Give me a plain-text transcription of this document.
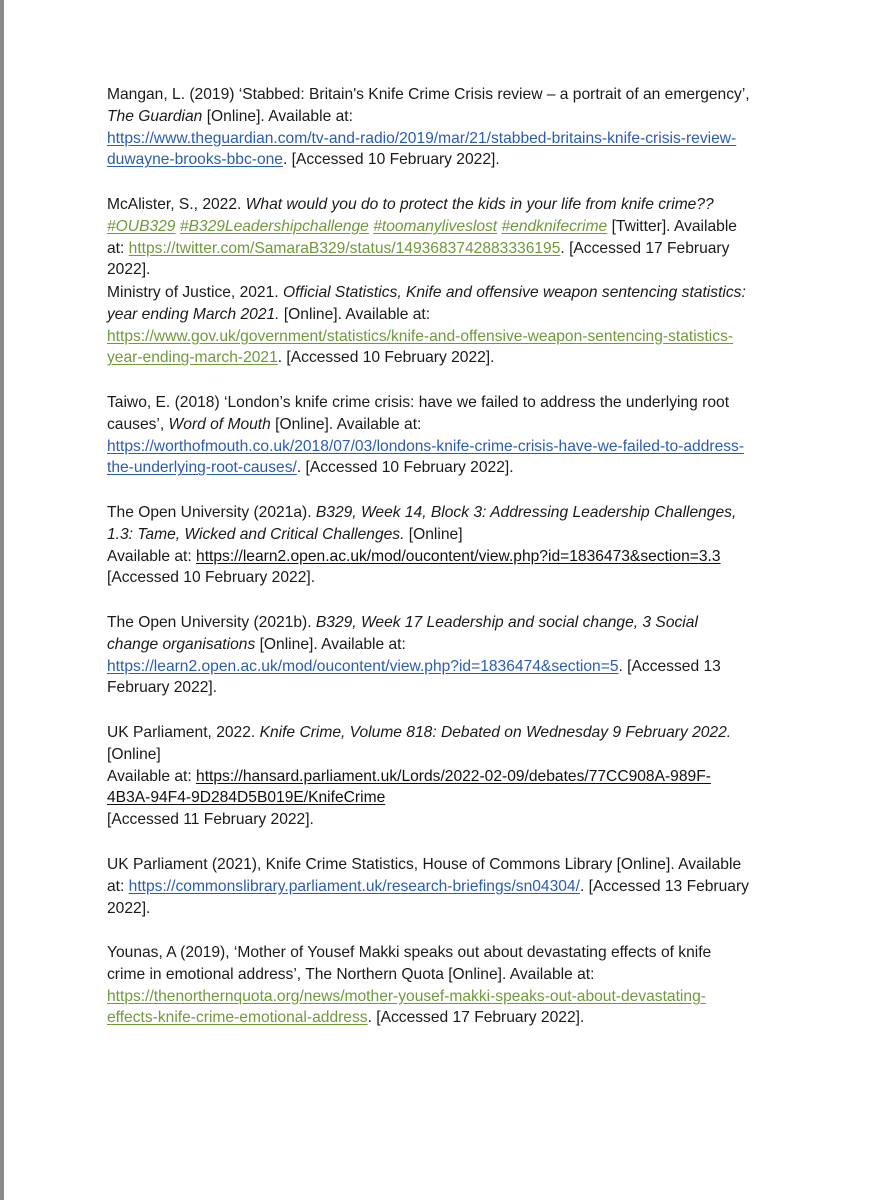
Mangan, L. (2019) ‘Stabbed: Britain's Knife Crime Crisis review – a portrait of an emergency’,
The Guardian [Online]. Available at:
https://www.theguardian.com/tv-and-radio/2019/mar/21/stabbed-britains-knife-crisis-review-
duwayne-brooks-bbc-one. [Accessed 10 February 2022].
McAlister, S., 2022. What would you do to protect the kids in your life from knife crime??
#OUB329 #B329Leadershipchallenge #toomanyliveslost #endknifecrime [Twitter]. Available
at: https://twitter.com/SamaraB329/status/1493683742883336195. [Accessed 17 February
2022].
Ministry of Justice, 2021. Official Statistics, Knife and offensive weapon sentencing statistics:
year ending March 2021. [Online]. Available at:
https://www.gov.uk/government/statistics/knife-and-offensive-weapon-sentencing-statistics-
year-ending-march-2021. [Accessed 10 February 2022].
Taiwo, E. (2018) ‘London’s knife crime crisis: have we failed to address the underlying root
causes’, Word of Mouth [Online]. Available at:
https://worthofmouth.co.uk/2018/07/03/londons-knife-crime-crisis-have-we-failed-to-address-
the-underlying-root-causes/. [Accessed 10 February 2022].
The Open University (2021a). B329, Week 14, Block 3: Addressing Leadership Challenges,
1.3: Tame, Wicked and Critical Challenges. [Online]
Available at: https://learn2.open.ac.uk/mod/oucontent/view.php?id=1836473&section=3.3
[Accessed 10 February 2022].
The Open University (2021b). B329, Week 17 Leadership and social change, 3 Social
change organisations [Online]. Available at:
https://learn2.open.ac.uk/mod/oucontent/view.php?id=1836474&section=5. [Accessed 13
February 2022].
UK Parliament, 2022. Knife Crime, Volume 818: Debated on Wednesday 9 February 2022.
[Online]
Available at: https://hansard.parliament.uk/Lords/2022-02-09/debates/77CC908A-989F-
4B3A-94F4-9D284D5B019E/KnifeCrime
[Accessed 11 February 2022].
UK Parliament (2021), Knife Crime Statistics, House of Commons Library [Online]. Available
at: https://commonslibrary.parliament.uk/research-briefings/sn04304/. [Accessed 13 February
2022].
Younas, A (2019), ‘Mother of Yousef Makki speaks out about devastating effects of knife
crime in emotional address’, The Northern Quota [Online]. Available at:
https://thenorthernquota.org/news/mother-yousef-makki-speaks-out-about-devastating-
effects-knife-crime-emotional-address. [Accessed 17 February 2022].
